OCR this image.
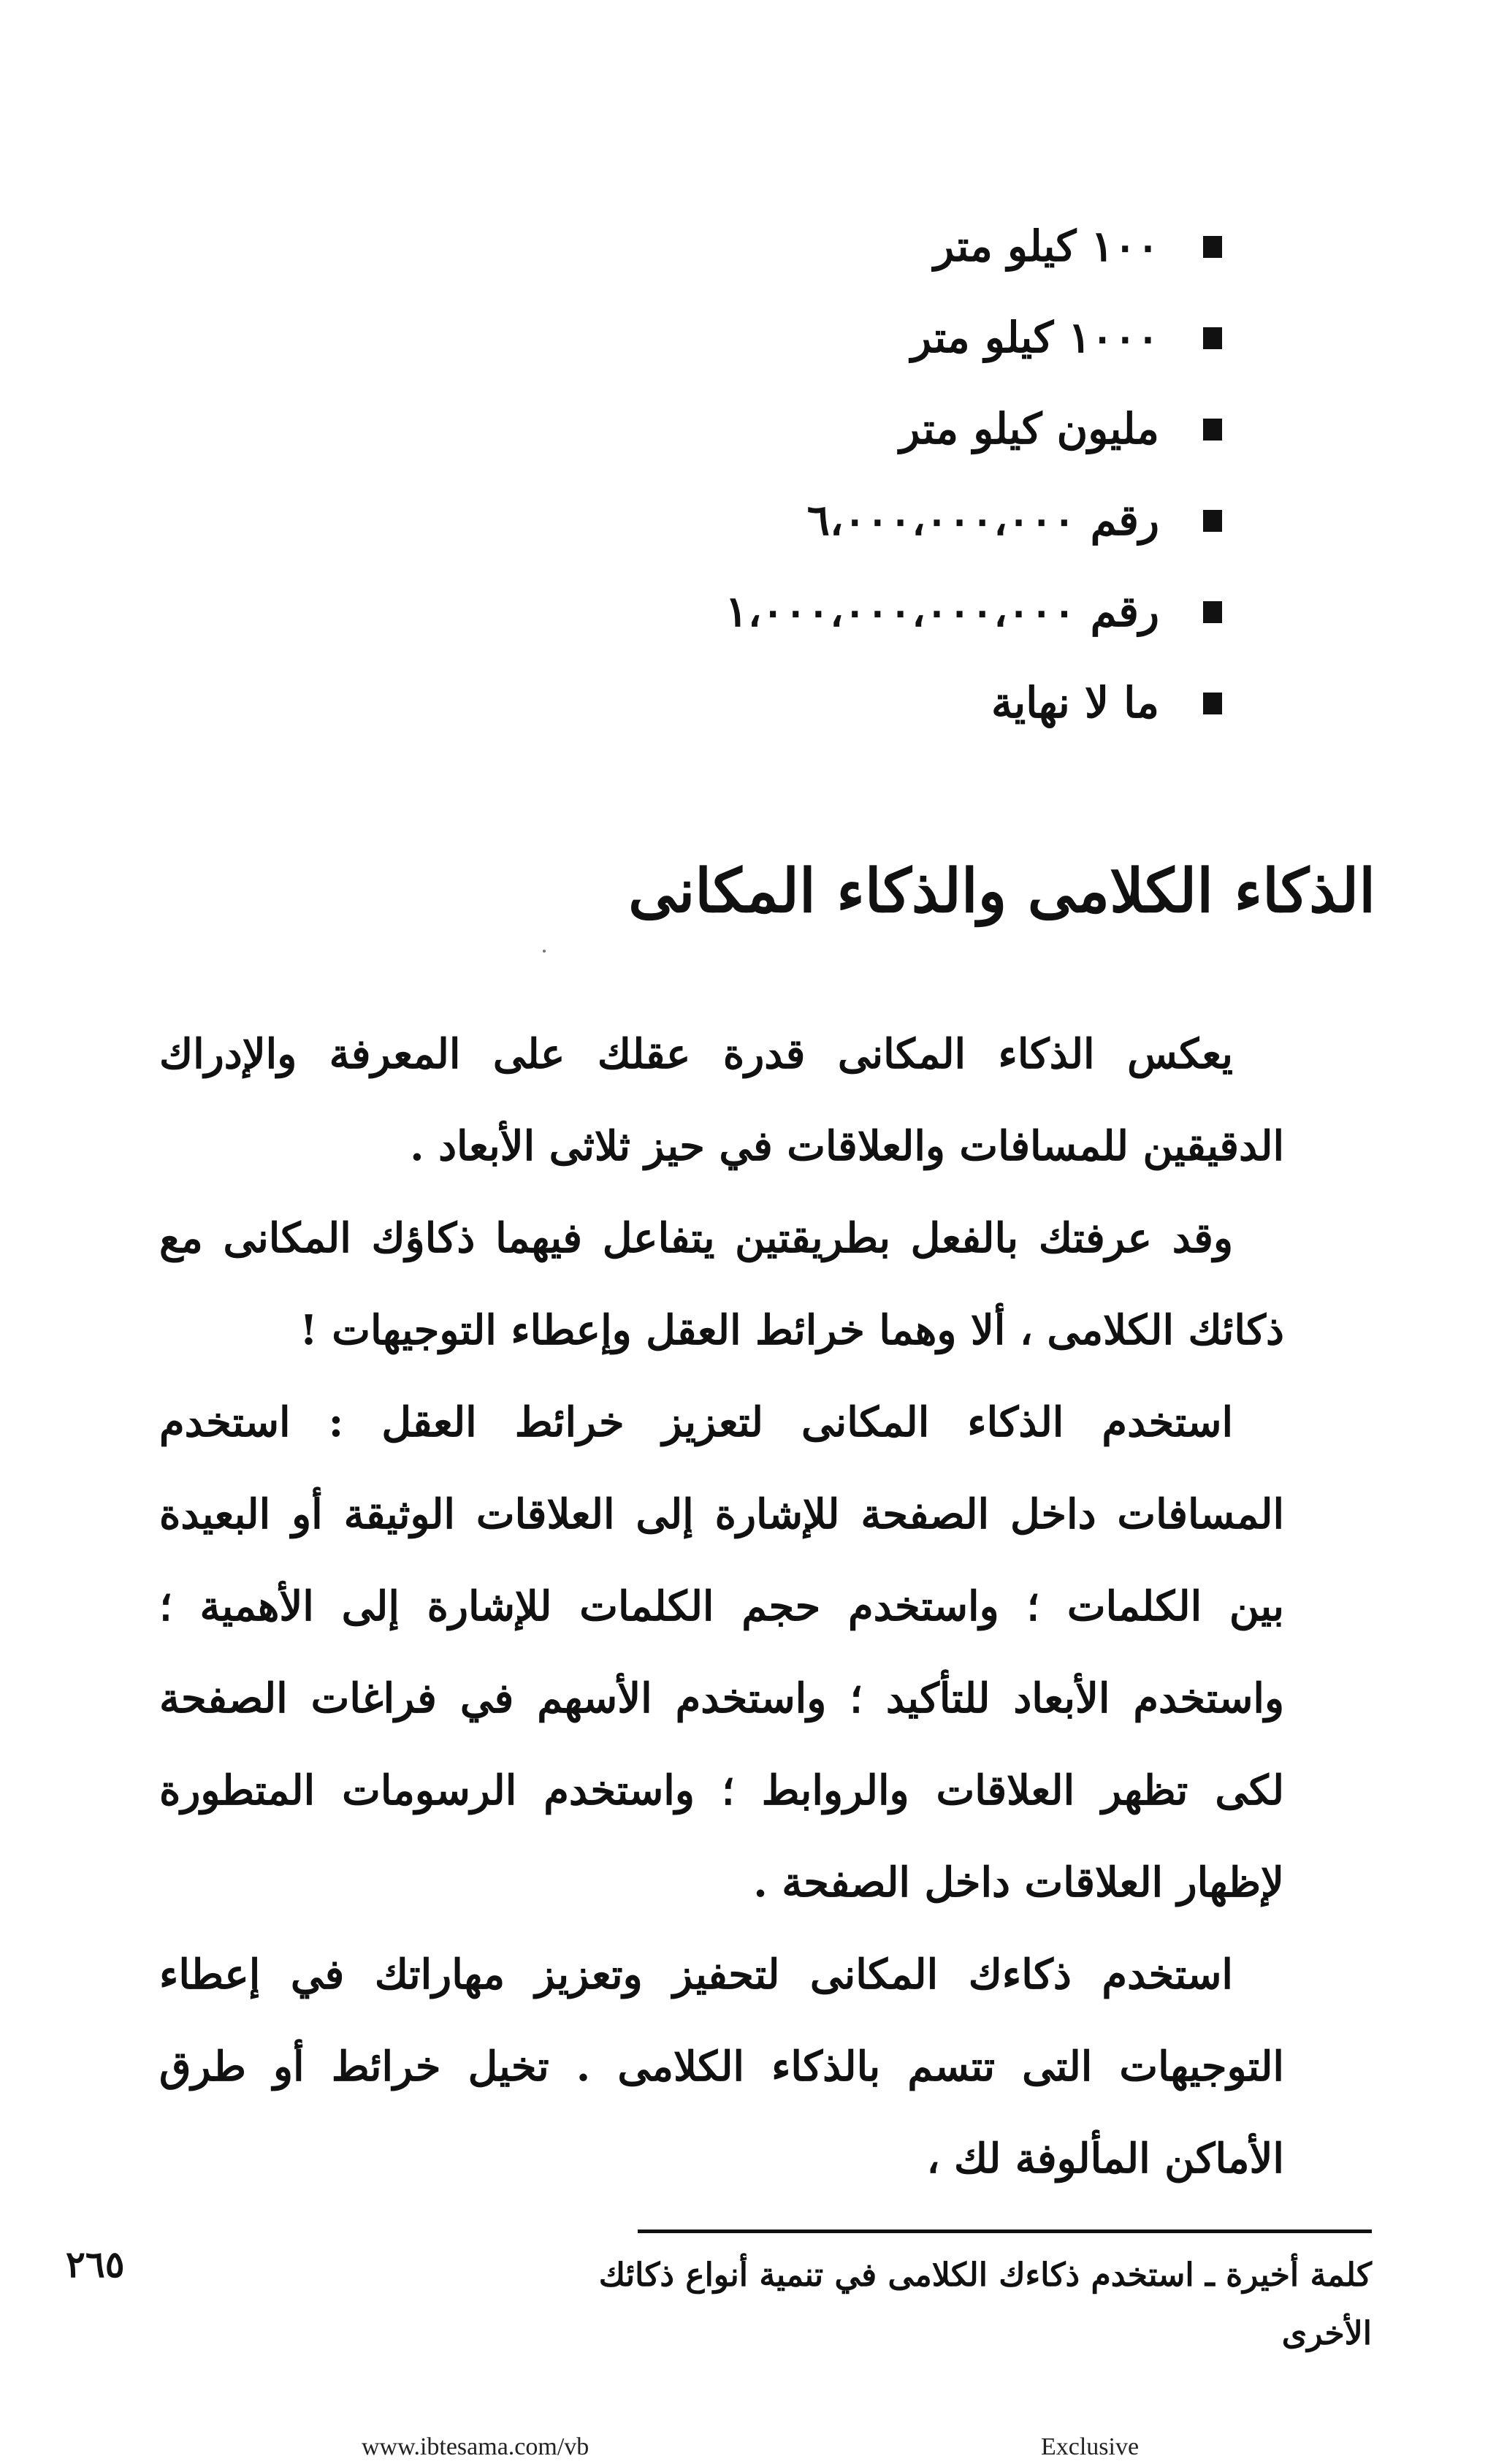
١٠٠ كيلو متر
١٠٠٠ كيلو متر
مليون كيلو متر
رقم ٦،٠٠٠،٠٠٠،٠٠٠
رقم ١،٠٠٠،٠٠٠،٠٠٠،٠٠٠
ما لا نهاية
الذكاء الكلامى والذكاء المكانى

يعكس الذكاء المكانى قدرة عقلك على المعرفة والإدراك الدقيقين للمسافات والعلاقات في حيز ثلاثى الأبعاد .

وقد عرفتك بالفعل بطريقتين يتفاعل فيهما ذكاؤك المكانى مع ذكائك الكلامى ، ألا وهما خرائط العقل وإعطاء التوجيهات !

استخدم الذكاء المكانى لتعزيز خرائط العقل : استخدم المسافات داخل الصفحة للإشارة إلى العلاقات الوثيقة أو البعيدة بين الكلمات ؛ واستخدم حجم الكلمات للإشارة إلى الأهمية ؛ واستخدم الأبعاد للتأكيد ؛ واستخدم الأسهم في فراغات الصفحة لكى تظهر العلاقات والروابط ؛ واستخدم الرسومات المتطورة لإظهار العلاقات داخل الصفحة .

استخدم ذكاءك المكانى لتحفيز وتعزيز مهاراتك في إعطاء التوجيهات التى تتسم بالذكاء الكلامى . تخيل خرائط أو طرق الأماكن المألوفة لك ،

كلمة أخيرة ـ استخدم ذكاءك الكلامى في تنمية أنواع ذكائك الأخرى
٢٦٥
www.ibtesama.com/vb	Exclusive
